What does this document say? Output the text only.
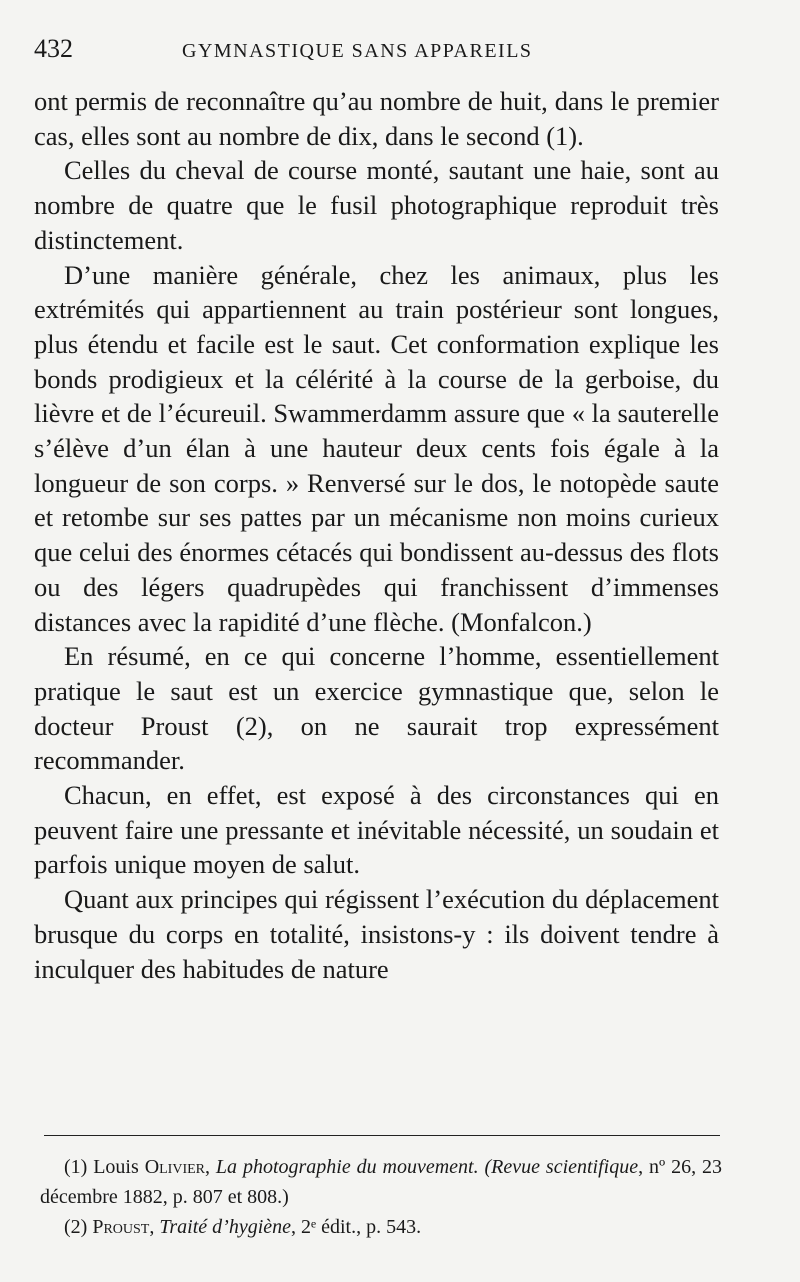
432	GYMNASTIQUE SANS APPAREILS

ont permis de reconnaître qu’au nombre de huit, dans le premier cas, elles sont au nombre de dix, dans le second (1).

Celles du cheval de course monté, sautant une haie, sont au nombre de quatre que le fusil photographique reproduit très distinctement.

D’une manière générale, chez les animaux, plus les extrémités qui appartiennent au train postérieur sont longues, plus étendu et facile est le saut. Cet conformation explique les bonds prodigieux et la célérité à la course de la gerboise, du lièvre et de l’écureuil. Swammerdamm assure que « la sauterelle s’élève d’un élan à une hauteur deux cents fois égale à la longueur de son corps. » Renversé sur le dos, le notopède saute et retombe sur ses pattes par un mécanisme non moins curieux que celui des énormes cétacés qui bondissent au-dessus des flots ou des légers quadrupèdes qui franchissent d’immenses distances avec la rapidité d’une flèche. (Monfalcon.)

En résumé, en ce qui concerne l’homme, essentiellement pratique le saut est un exercice gymnastique que, selon le docteur Proust (2), on ne saurait trop expressément recommander.

Chacun, en effet, est exposé à des circonstances qui en peuvent faire une pressante et inévitable nécessité, un soudain et parfois unique moyen de salut.

Quant aux principes qui régissent l’exécution du déplacement brusque du corps en totalité, insistons-y : ils doivent tendre à inculquer des habitudes de nature

(1) Louis Olivier, La photographie du mouvement. (Revue scientifique, nº 26, 23 décembre 1882, p. 807 et 808.)

(2) Proust, Traité d’hygiène, 2ᵉ édit., p. 543.
